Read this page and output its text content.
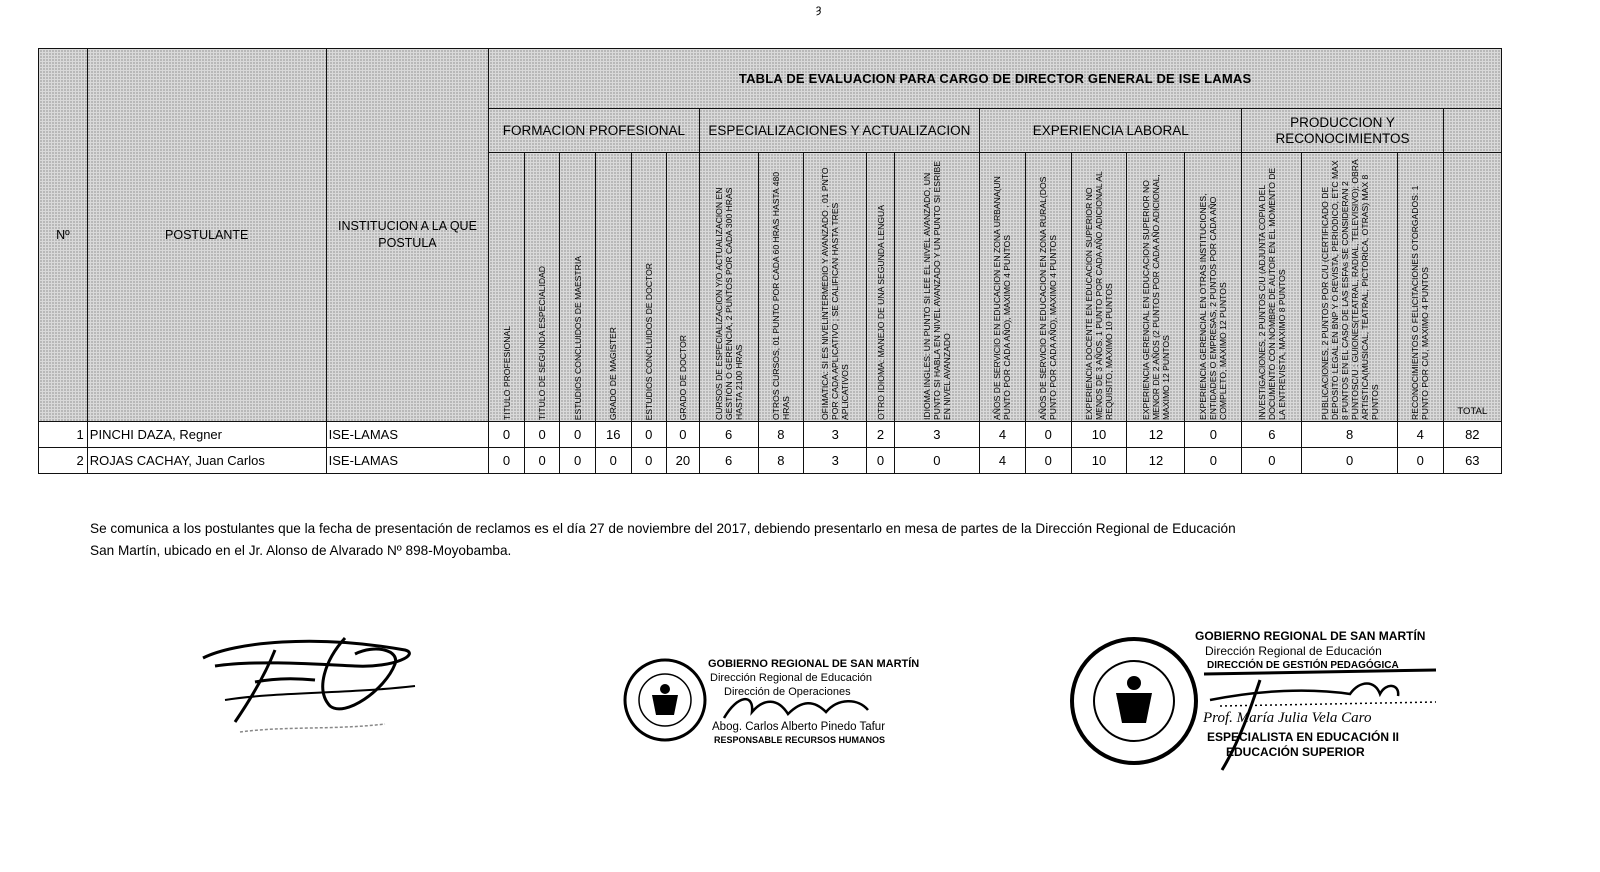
ȝ
Nº	POSTULANTE	INSTITUCION A LA QUE POSTULA	TABLA DE EVALUACION PARA CARGO DE DIRECTOR GENERAL DE ISE LAMAS																			
			FORMACION PROFESIONAL						ESPECIALIZACIONES Y ACTUALIZACION					EXPERIENCIA LABORAL					PRODUCCION Y RECONOCIMIENTOS			

			TITULO PROFESIONAL	TITULO DE SEGUNDA ESPECIALIDAD	ESTUDIOS CONCLUIDOS DE MAESTRIA	GRADO DE MAGISTER	ESTUDIOS CONCLUIDOS DE DOCTOR	GRADO DE DOCTOR	CURSOS DE ESPECIALIZACION Y/O ACTUALIZACION EN GESTION O GERENCIA, 2 PUNTOS POR CADA 300 HRAS HASTA 2100 HRAS	OTROS CURSOS, 01 PUNTO POR CADA 60 HRAS HASTA 480 HRAS	OFIMATICA: SI ES NIVELINTERMEDIO Y AVANZADO , 01 PNTO POR CADA APLICATIVO ; SE CALIFICAN HASTA TRES APLICATIVOS	OTRO IDIOMA: MANEJO DE UNA SEGUNDA LENGUA	IDIOMA INGLES: UN PUNTO SI LEE EL NIVEL AVANZADO, UN PUNTO SI HABLA EN NIVEL AVANZADO Y UN PUNTO SI ESRIBE EN NIVEL AVANZADO	AÑOS DE SERVICIO EN EDUCACION EN ZONA URBANA(UN PUNTO POR CADA AÑO), MAXIMO 4 PUNTOS	AÑOS DE SERVICIO EN EDUCACION EN ZONA RURAL(DOS PUNTO POR CADA AÑO), MAXIMO 4 PUNTOS	EXPERIENCIA DOCENTE EN EDUCACION SUPERIOR NO MENOS DE 3 AÑOS. 1 PUNTO POR CADA AÑO ADICIONAL AL REQUISITO, MAXIMO 10 PUNTOS	EXPERIENCIA GERENCIAL EN EDUCACION SUPERIOR NO MENOR DE 2 AÑOS (2 PUNTOS POR CADA AÑO ADICIONAL, MAXIMO 12 PUNTOS	EXPERIENCIA GERENCIAL EN OTRAS INSTITUCIONES, ENTIDADES O EMPRESAS, 2 PUNTOS POR CADA AÑO COMPLETO, MAXIMO 12 PUNTOS	INVESTIGACIONES, 2 PUNTOS C/U (ADJUNTA COPIA DEL DOCUMENTO CON NOMBRE DE AUTOR EN EL MOMENTO DE LA ENTREVISTA, MAXIMO 8 PUNTOS	PUBLICACIONES, 2 PUNTOS POR C/U (CERTIFICADO DE DEPOSITO LEGAL EN BNP Y O REVISTA, PERIODICO, ETC MAX 8 PUNTOS EN EL CASO DE LAS ESFAs SE CONSIDERAN 2 PUNTOSC/U : GUIONES(TEATRAL, RADIAL, TELEVISIVO); OBRA ARTISTICA(MUSICAL, TEATRAL, PICTORICA, OTRAS) MAX 8 PUNTOS	RECONOCIMIENTOS O FELICITACIONES OTORGADOS: 1 PUNTO POR C/U, MAXIMO 4 PUNTOS	TOTAL

1	PINCHI DAZA, Regner	ISE-LAMAS	0	0	0	16	0	0	6	8	3	2	3	4	0	10	12	0	6	8	4	82
2	ROJAS CACHAY, Juan Carlos	ISE-LAMAS	0	0	0	0	0	20	6	8	3	0	0	4	0	10	12	0	0	0	0	63
Se comunica a los postulantes que la fecha de presentación de reclamos es el día 27 de noviembre del 2017, debiendo presentarlo en mesa de partes de la Dirección Regional de Educación
San Martín, ubicado en el Jr. Alonso de Alvarado Nº 898-Moyobamba.
GOBIERNO REGIONAL DE SAN MARTÍN
Dirección Regional de Educación
Dirección de Operaciones
Abog. Carlos Alberto Pinedo Tafur
RESPONSABLE RECURSOS HUMANOS
GOBIERNO REGIONAL DE SAN MARTÍN
Dirección Regional de Educación
DIRECCIÓN DE GESTIÓN PEDAGÓGICA
Prof. María Julia Vela Caro
ESPECIALISTA EN EDUCACIÓN II
EDUCACIÓN SUPERIOR
